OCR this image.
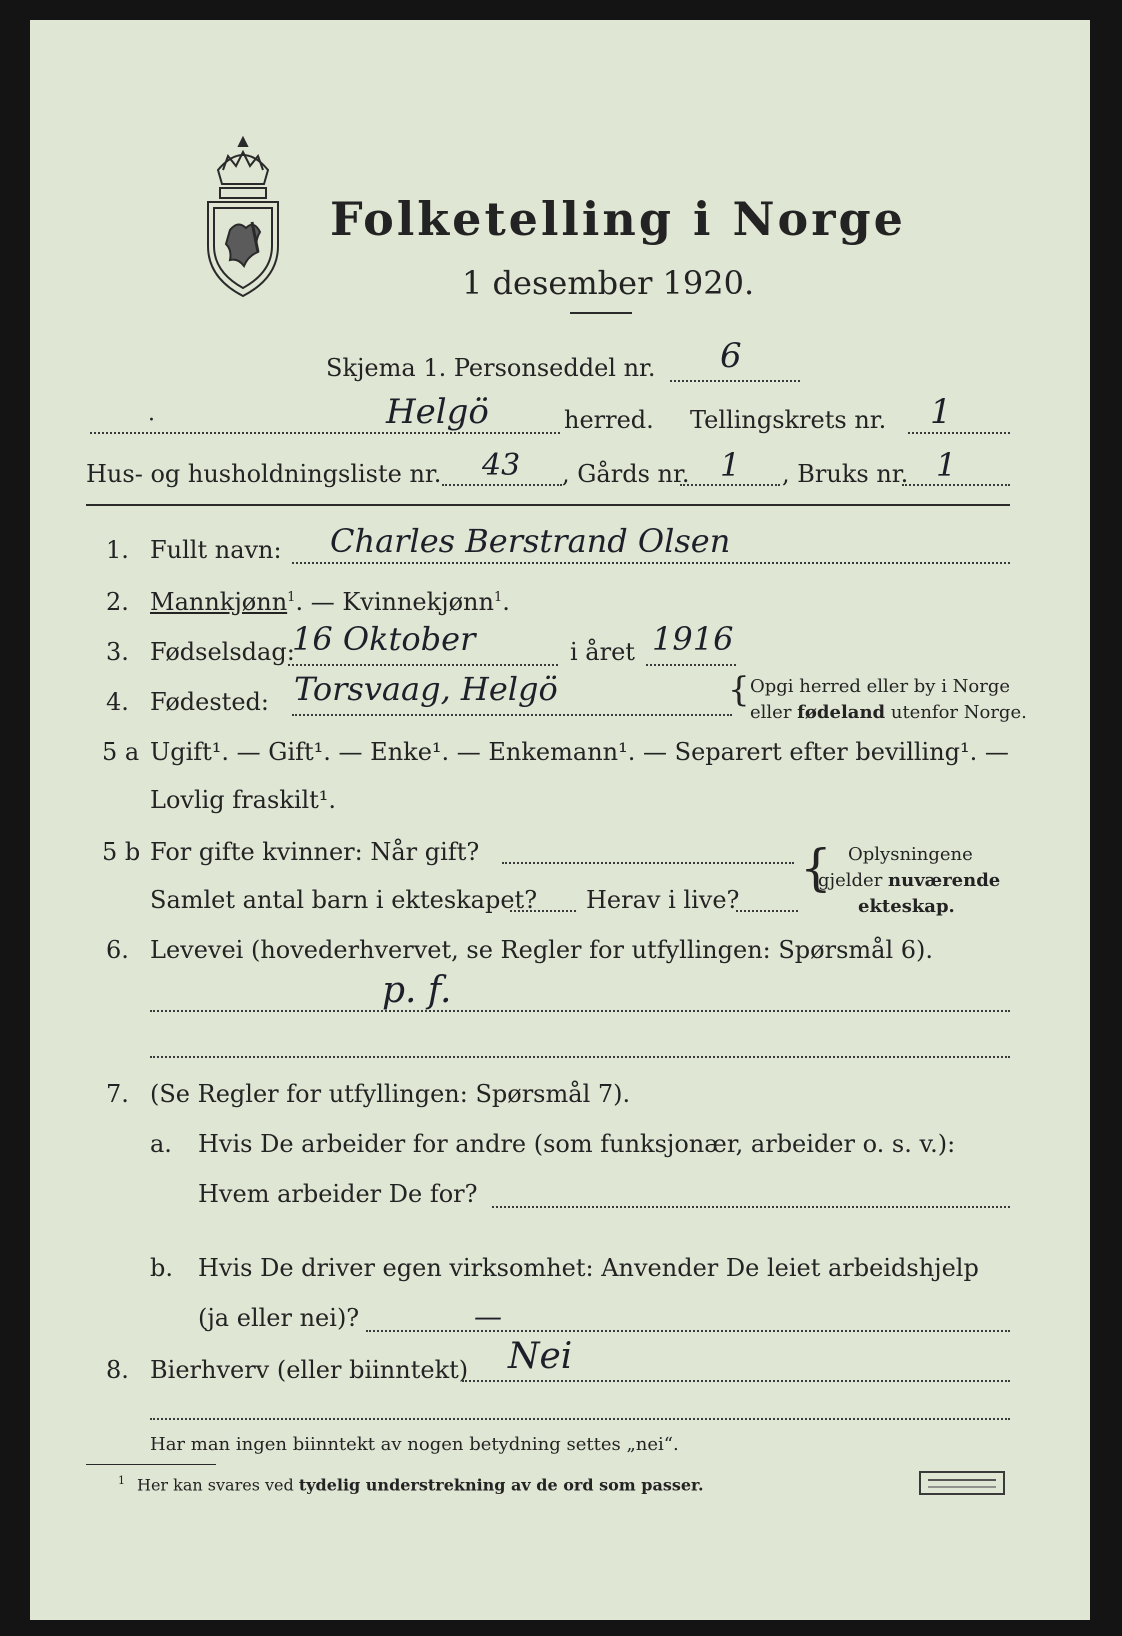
Folketelling i Norge
1 desember 1920.
Skjema 1. Personseddel nr. 6
·	Helgö	herred. Tellingskrets nr. 1
Hus- og husholdningsliste nr. 43 , Gårds nr. 1 , Bruks nr. 1
1. Fullt navn: Charles Berstrand Olsen
2. Mannkjønn$^1$. — Kvinnekjønn$^1$.
3. Fødselsdag:
16 Oktober	i året 1916
4. Fødested: Torsvaag, Helgö	{ Opgi herred eller by i Norge
eller fødeland utenfor Norge.
5 a Ugift¹. — Gift¹. — Enke¹. — Enkemann¹. — Separert efter bevilling¹. —
Lovlig fraskilt¹.
5 b For gifte kvinner: Når gift?
Samlet antal barn i ekteskapet? Herav i live?
{ Oplysningene
gjelder nuværende
ekteskap.
6. Levevei (hovederhvervet, se Regler for utfyllingen: Spørsmål 6).
p. f.
7. (Se Regler for utfyllingen: Spørsmål 7).
a. Hvis De arbeider for andre (som funksjonær, arbeider o. s. v.):
Hvem arbeider De for?
b. Hvis De driver egen virksomhet: Anvender De leiet arbeidshjelp
(ja eller nei)?	—
8. Bierhverv (eller biinntekt) Nei
Har man ingen biinntekt av nogen betydning settes „nei“.
$^1$ Her kan svares ved tydelig understrekning av de ord som passer.
